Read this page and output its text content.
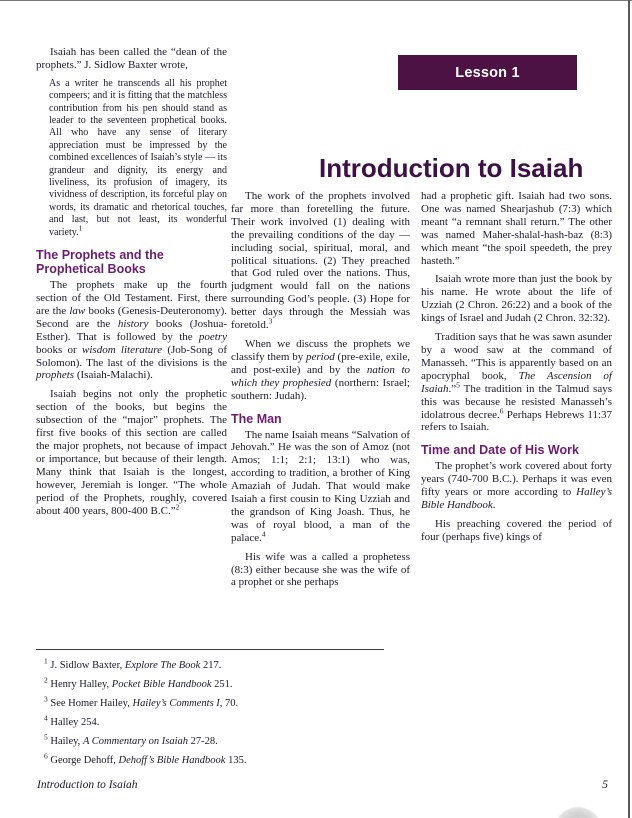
Lesson 1
Introduction to Isaiah
Isaiah has been called the “dean of the prophets.” J. Sidlow Baxter wrote,
As a writer he transcends all his prophet compeers; and it is fitting that the matchless contribution from his pen should stand as leader to the seventeen prophetical books. All who have any sense of literary appreciation must be impressed by the combined excellences of Isaiah’s style — its grandeur and dignity, its energy and liveliness, its profusion of imagery, its vividness of description, its forceful play on words, its dramatic and rhetorical touches, and last, but not least, its wonderful variety.$^1$
The Prophets and the Prophetical Books
The prophets make up the fourth section of the Old Testament. First, there are the law books (Genesis-Deuteronomy). Second are the history books (Joshua-Esther). That is followed by the poetry books or wisdom literature (Job-Song of Solomon). The last of the divisions is the prophets (Isaiah-Malachi).
Isaiah begins not only the prophetic section of the books, but begins the subsection of the “major” prophets. The first five books of this section are called the major prophets, not because of impact or importance, but because of their length. Many think that Isaiah is the longest, however, Jeremiah is longer. “The whole period of the Prophets, roughly, covered about 400 years, 800-400 B.C.”$^2$
The work of the prophets involved far more than foretelling the future. Their work involved (1) dealing with the prevailing conditions of the day — including social, spiritual, moral, and political situations. (2) They preached that God ruled over the nations. Thus, judgment would fall on the nations surrounding God’s people. (3) Hope for better days through the Messiah was foretold.$^3$
When we discuss the prophets we classify them by period (pre-exile, exile, and post-exile) and by the nation to which they prophesied (northern: Israel; southern: Judah).
The Man
The name Isaiah means “Salvation of Jehovah.” He was the son of Amoz (not Amos; 1:1; 2:1; 13:1) who was, according to tradition, a brother of King Amaziah of Judah. That would make Isaiah a first cousin to King Uzziah and the grandson of King Joash. Thus, he was of royal blood, a man of the palace.$^4$
His wife was a called a prophetess (8:3) either because she was the wife of a prophet or she perhaps
had a prophetic gift. Isaiah had two sons. One was named Shearjashub (7:3) which meant “a remnant shall return.” The other was named Maher-shalal-hash-baz (8:3) which meant “the spoil speedeth, the prey hasteth.”
Isaiah wrote more than just the book by his name. He wrote about the life of Uzziah (2 Chron. 26:22) and a book of the kings of Israel and Judah (2 Chron. 32:32).
Tradition says that he was sawn asunder by a wood saw at the command of Manasseh. “This is apparently based on an apocryphal book, The Ascension of Isaiah.”$^5$ The tradition in the Talmud says this was because he resisted Manasseh’s idolatrous decree.$^6$ Perhaps Hebrews 11:37 refers to Isaiah.
Time and Date of His Work
The prophet’s work covered about forty years (740-700 B.C.). Perhaps it was even fifty years or more according to Halley’s Bible Handbook.
His preaching covered the period of four (perhaps five) kings of
$^1$ J. Sidlow Baxter, Explore The Book 217.
$^2$ Henry Halley, Pocket Bible Handbook 251.
$^3$ See Homer Hailey, Hailey’s Comments I, 70.
$^4$ Halley 254.
$^5$ Hailey, A Commentary on Isaiah 27-28.
$^6$ George Dehoff, Dehoff’s Bible Handbook 135.
Introduction to Isaiah	5
